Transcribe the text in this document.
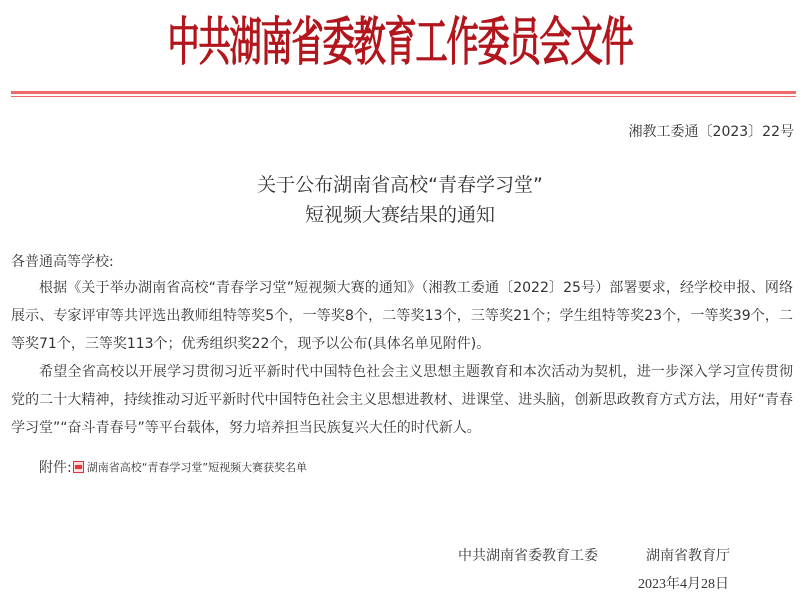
中共湖南省委教育工作委员会文件
湘教工委通〔2023〕22号
关于公布湖南省高校“青春学习堂”
短视频大赛结果的通知
各普通高等学校:
根据《关于举办湖南省高校“青春学习堂”短视频大赛的通知》（湘教工委通〔2022〕25号）部署要求，经学校申报、网络展示、专家评审等共评选出教师组特等奖5个，一等奖8个，二等奖13个，三等奖21个；学生组特等奖23个，一等奖39个，二等奖71个，三等奖113个；优秀组织奖22个，现予以公布(具体名单见附件)。
希望全省高校以开展学习贯彻习近平新时代中国特色社会主义思想主题教育和本次活动为契机，进一步深入学习宣传贯彻党的二十大精神，持续推动习近平新时代中国特色社会主义思想进教材、进课堂、进头脑，创新思政教育方式方法，用好“青春学习堂”“奋斗青春号”等平台载体，努力培养担当民族复兴大任的时代新人。
附件: 湖南省高校“青春学习堂”短视频大赛获奖名单
中共湖南省委教育工委	湖南省教育厅
2023年4月28日
